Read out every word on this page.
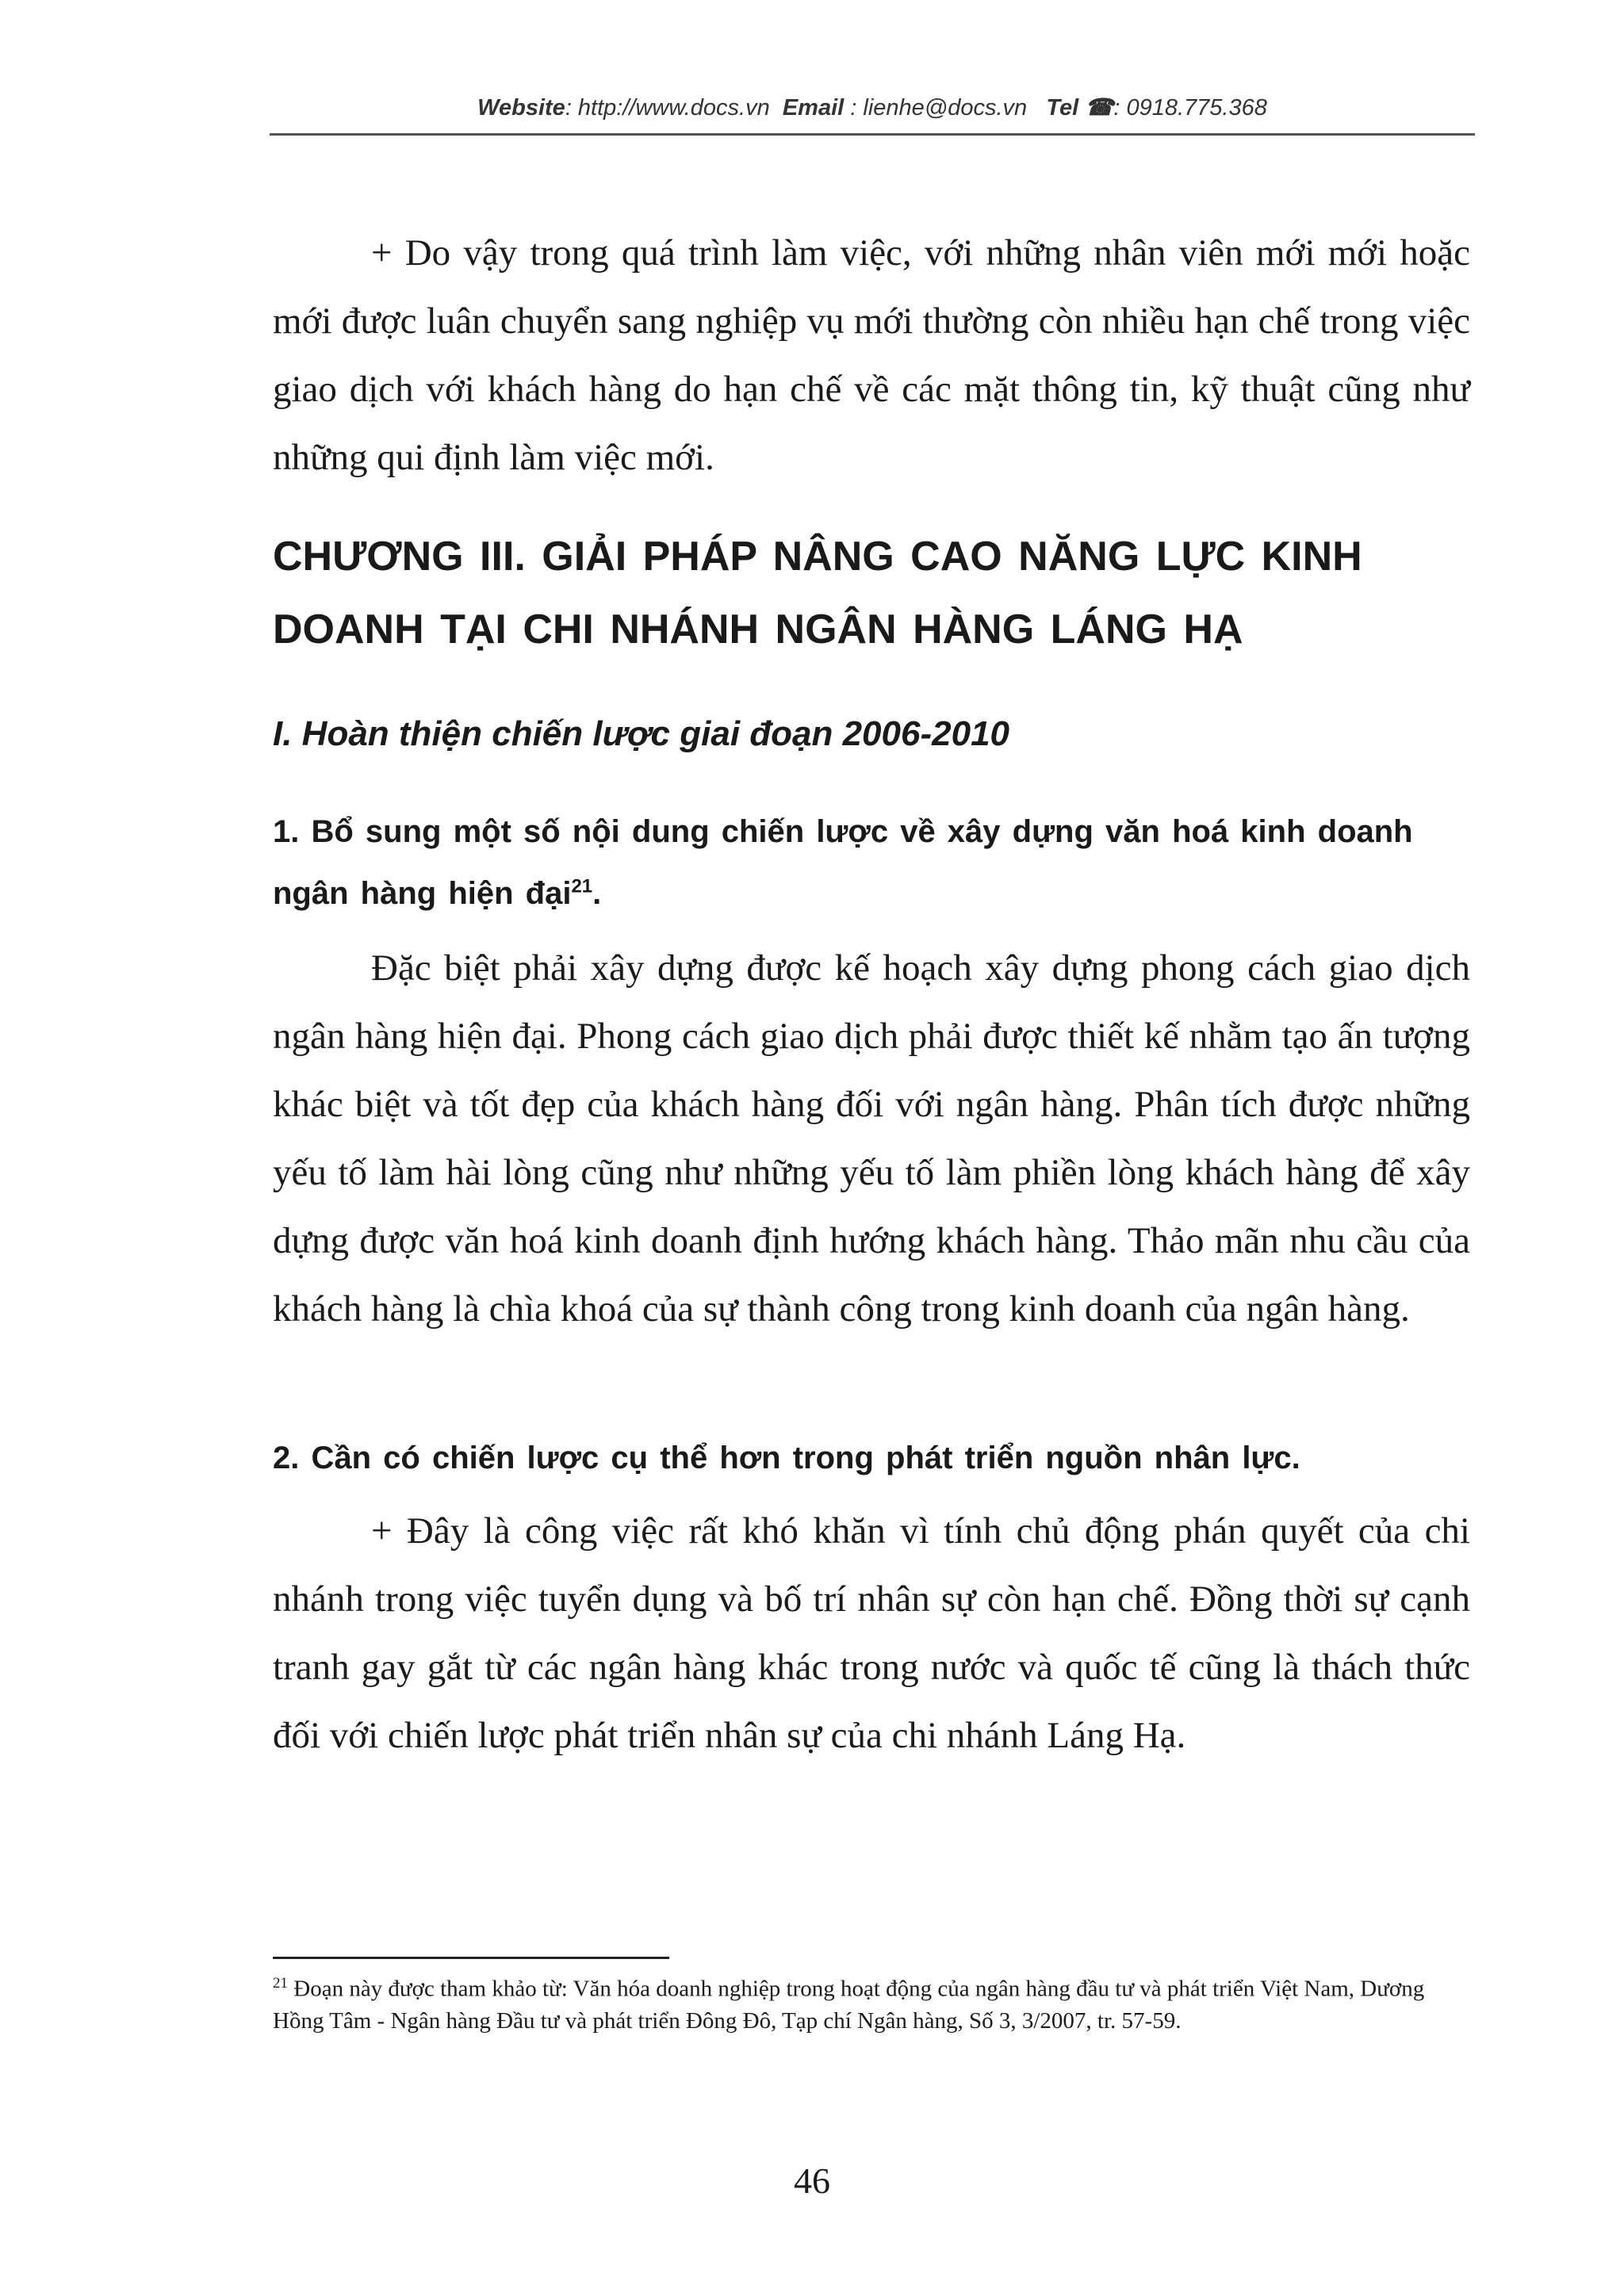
Website: http://www.docs.vn Email : lienhe@docs.vn Tel ☎: 0918.775.368
+ Do vậy trong quá trình làm việc, với những nhân viên mới mới hoặc mới được luân chuyển sang nghiệp vụ mới thường còn nhiều hạn chế trong việc giao dịch với khách hàng do hạn chế về các mặt thông tin, kỹ thuật cũng như những qui định làm việc mới.
CHƯƠNG III. GIẢI PHÁP NÂNG CAO NĂNG LỰC KINH DOANH TẠI CHI NHÁNH NGÂN HÀNG LÁNG HẠ
I. Hoàn thiện chiến lược giai đoạn 2006-2010
1. Bổ sung một số nội dung chiến lược về xây dựng văn hoá kinh doanh ngân hàng hiện đại$^{21}$.
Đặc biệt phải xây dựng được kế hoạch xây dựng phong cách giao dịch ngân hàng hiện đại. Phong cách giao dịch phải được thiết kế nhằm tạo ấn tượng khác biệt và tốt đẹp của khách hàng đối với ngân hàng. Phân tích được những yếu tố làm hài lòng cũng như những yếu tố làm phiền lòng khách hàng để xây dựng được văn hoá kinh doanh định hướng khách hàng. Thảo mãn nhu cầu của khách hàng là chìa khoá của sự thành công trong kinh doanh của ngân hàng.
2. Cần có chiến lược cụ thể hơn trong phát triển nguồn nhân lực.
+ Đây là công việc rất khó khăn vì tính chủ động phán quyết của chi nhánh trong việc tuyển dụng và bố trí nhân sự còn hạn chế. Đồng thời sự cạnh tranh gay gắt từ các ngân hàng khác trong nước và quốc tế cũng là thách thức đối với chiến lược phát triển nhân sự của chi nhánh Láng Hạ.
$^{21}$ Đoạn này được tham khảo từ: Văn hóa doanh nghiệp trong hoạt động của ngân hàng đầu tư và phát triển Việt Nam, Dương Hồng Tâm - Ngân hàng Đầu tư và phát triển Đông Đô, Tạp chí Ngân hàng, Số 3, 3/2007, tr. 57-59.
46
